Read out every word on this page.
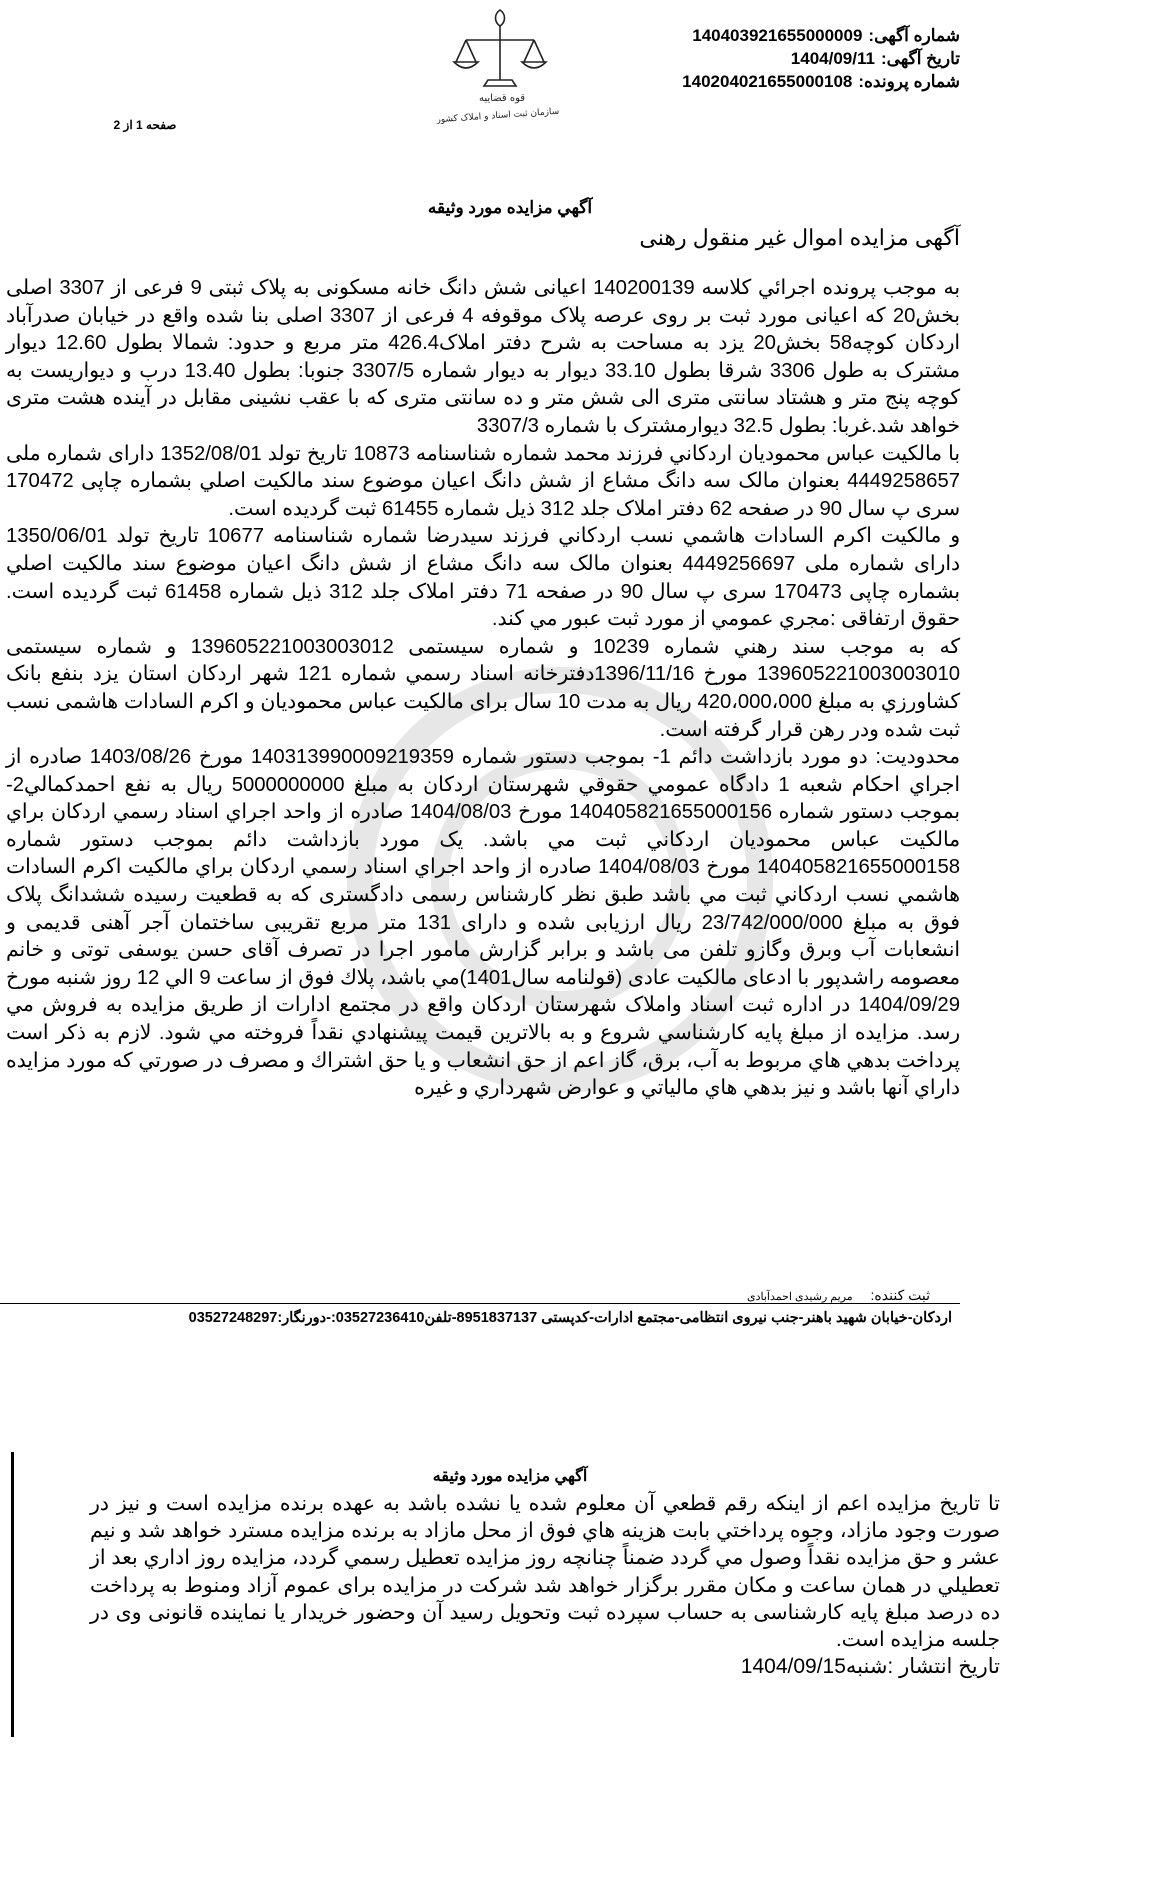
شماره آگهی:140403921655000009
تاریخ آگهی:1404/09/11
شماره پرونده:140204021655000108
قوه قضاییه
سازمان ثبت اسناد و املاک کشور
صفحه 1 از 2
آگهي مزايده مورد وثيقه
آگهی مزایده اموال غیر منقول رهنی

به موجب پرونده اجرائي كلاسه 140200139 اعیانی شش دانگ خانه مسکونی به پلاک ثبتی 9 فرعی از 3307 اصلی بخش20 که اعیانی مورد ثبت بر روی عرصه پلاک موقوفه 4 فرعی از 3307 اصلی بنا شده واقع در خیابان صدرآباد اردکان کوچه58 بخش20 یزد به مساحت به شرح دفتر املاک426.4 متر مربع و حدود: شمالا بطول 12.60 دیوار مشترک به طول 3306 شرقا بطول 33.10 دیوار به دیوار شماره 3307/5 جنوبا: بطول 13.40 درب و دیواریست به کوچه پنج متر و هشتاد سانتی متری الی شش متر و ده سانتی متری که با عقب نشینی مقابل در آینده هشت متری خواهد شد.غربا: بطول 32.5 دیوارمشترک با شماره 3307/3

با مالکیت عباس محمودیان اردکاني فرزند محمد شماره شناسنامه 10873 تاریخ تولد 1352/08/01 دارای شماره ملی 4449258657 بعنوان مالک سه دانگ مشاع از شش دانگ اعیان موضوع سند مالکیت اصلي بشماره چاپی 170472 سری پ سال 90 در صفحه 62 دفتر املاک جلد 312 ذیل شماره 61455 ثبت گردیده است.

و مالکیت اکرم السادات هاشمي نسب اردکاني فرزند سیدرضا شماره شناسنامه 10677 تاریخ تولد 1350/06/01 دارای شماره ملی 4449256697 بعنوان مالک سه دانگ مشاع از شش دانگ اعیان موضوع سند مالکیت اصلي بشماره چاپی 170473 سری پ سال 90 در صفحه 71 دفتر املاک جلد 312 ذیل شماره 61458 ثبت گردیده است. حقوق ارتفاقی :مجري عمومي از مورد ثبت عبور مي كند.

كه به موجب سند رهني شماره 10239 و شماره سیستمی 139605221003003012 و شماره سیستمی 139605221003003010 مورخ 1396/11/16دفترخانه اسناد رسمي شماره 121 شهر اردكان استان يزد بنفع بانک کشاورزي به مبلغ 420،000،000 ريال به مدت 10 سال برای مالکیت عباس محمودیان و اکرم السادات هاشمی نسب ثبت شده ودر رهن قرار گرفته است.

محدوديت: دو مورد بازداشت دائم 1- بموجب دستور شماره 140313990009219359 مورخ 1403/08/26 صادره از اجراي احكام شعبه 1 دادگاه عمومي حقوقي شهرستان اردكان به مبلغ 5000000000 ريال به نفع احمدکمالي2- بموجب دستور شماره 140405821655000156 مورخ 1404/08/03 صادره از واحد اجراي اسناد رسمي اردكان براي مالکیت عباس محمودیان اردکاني ثبت مي باشد. یک مورد بازداشت دائم بموجب دستور شماره 140405821655000158 مورخ 1404/08/03 صادره از واحد اجراي اسناد رسمي اردكان براي مالکیت اکرم السادات هاشمي نسب اردکاني ثبت مي باشد طبق نظر کارشناس رسمی دادگستری که به قطعیت رسیده ششدانگ پلاک فوق به مبلغ 23/742/000/000 ریال ارزیابی شده و دارای 131 متر مربع تقریبی ساختمان آجر آهنی قدیمی و انشعابات آب وبرق وگازو تلفن می باشد و برابر گزارش مامور اجرا در تصرف آقای حسن یوسفی توتی و خانم معصومه راشدپور با ادعای مالکیت عادی (قولنامه سال1401)مي باشد، پلاك فوق از ساعت 9 الي 12 روز شنبه مورخ 1404/09/29 در اداره ثبت اسناد واملاک شهرستان اردکان واقع در مجتمع ادارات از طريق مزايده به فروش مي رسد. مزايده از مبلغ پايه كارشناسي شروع و به بالاترين قيمت پيشنهادي نقداً فروخته مي شود. لازم به ذكر است پرداخت بدهي هاي مربوط به آب، برق، گاز اعم از حق انشعاب و يا حق اشتراك و مصرف در صورتي كه مورد مزايده داراي آنها باشد و نيز بدهي هاي مالياتي و عوارض شهرداري و غيره

ثبت کننده: مریم رشیدی احمدآبادی
اردکان-خیابان شهید باهنر-جنب نیروی انتظامی-مجتمع ادارات-کدپستی 8951837137-تلفن03527236410:-دورنگار:03527248297
آگهي مزايده مورد وثيقه

تا تاريخ مزايده اعم از اينكه رقم قطعي آن معلوم شده يا نشده باشد به عهده برنده مزايده است و نيز در صورت وجود مازاد، وجوه پرداختي بابت هزينه هاي فوق از محل مازاد به برنده مزايده مسترد خواهد شد و نیم عشر و حق مزايده نقداً وصول مي گردد ضمناً چنانچه روز مزايده تعطيل رسمي گردد، مزايده روز اداري بعد از تعطيلي در همان ساعت و مكان مقرر برگزار خواهد شد شرکت در مزایده برای عموم آزاد ومنوط به پرداخت ده درصد مبلغ پایه کارشناسی به حساب سپرده ثبت وتحویل رسید آن وحضور خریدار یا نماینده قانونی وی در جلسه مزایده است.

تاریخ انتشار :شنبه1404/09/15
